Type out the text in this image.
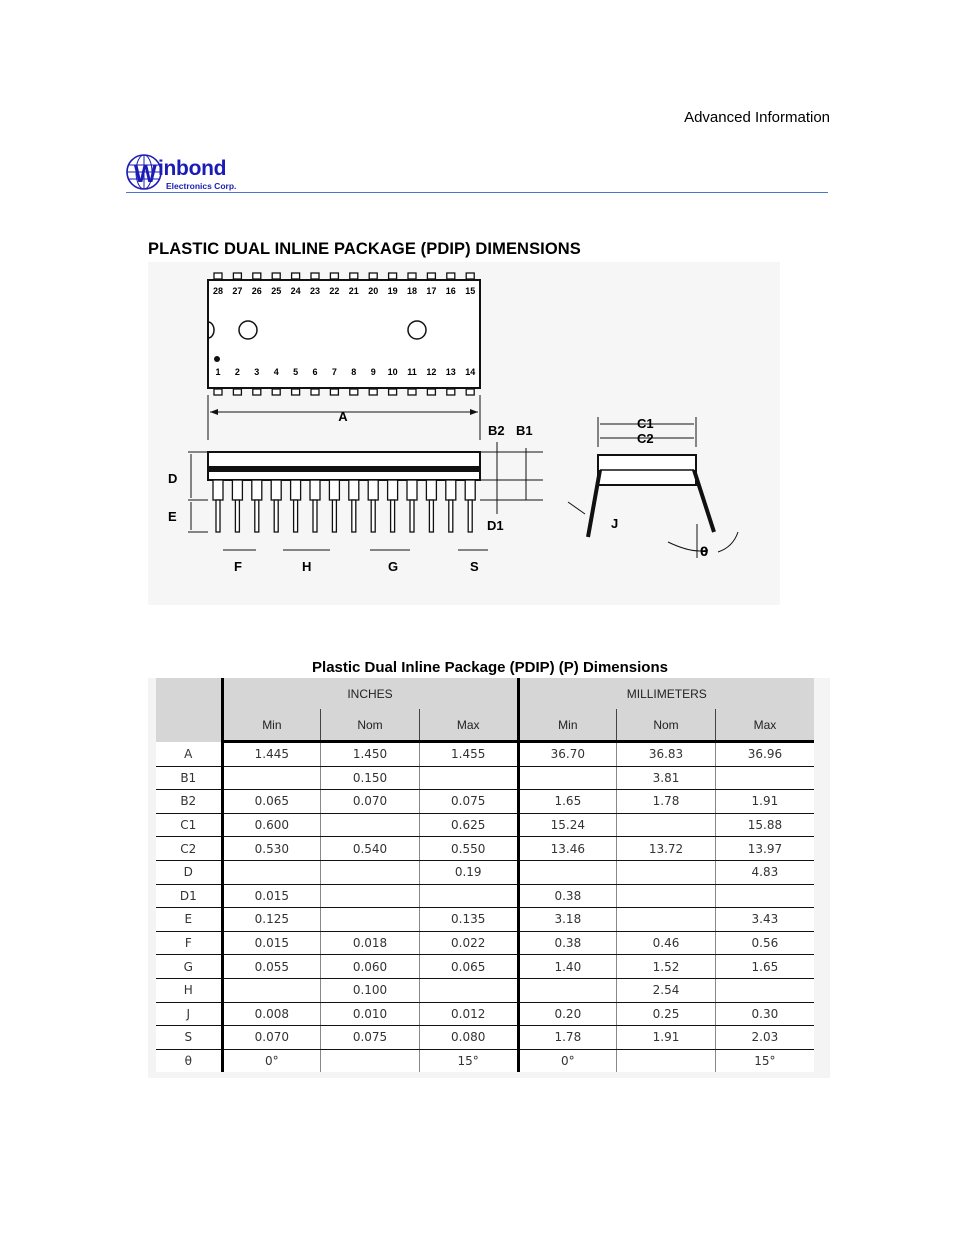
Advanced Information
W inbond
Electronics Corp.
PLASTIC DUAL INLINE PACKAGE (PDIP) DIMENSIONS
28 27 26 25 24 23 22 21 20 19 18 17 16 15
1 2 3 4 5 6 7 8 9 10 11 12 13 14
A
B2 B1
D1
D
E
F	H	G	S
C1
C2
J
θ
Plastic Dual Inline Package (PDIP) (P) Dimensions
	INCHES			MILLIMETERS		
	Min	Nom	Max	Min	Nom	Max
A	1.445	1.450	1.455	36.70	36.83	36.96
B1		0.150			3.81	
B2	0.065	0.070	0.075	1.65	1.78	1.91
C1	0.600		0.625	15.24		15.88
C2	0.530	0.540	0.550	13.46	13.72	13.97
D			0.19			4.83
D1	0.015			0.38		
E	0.125		0.135	3.18		3.43
F	0.015	0.018	0.022	0.38	0.46	0.56
G	0.055	0.060	0.065	1.40	1.52	1.65
H		0.100			2.54	
J	0.008	0.010	0.012	0.20	0.25	0.30
S	0.070	0.075	0.080	1.78	1.91	2.03
θ	0°		15°	0°		15°
